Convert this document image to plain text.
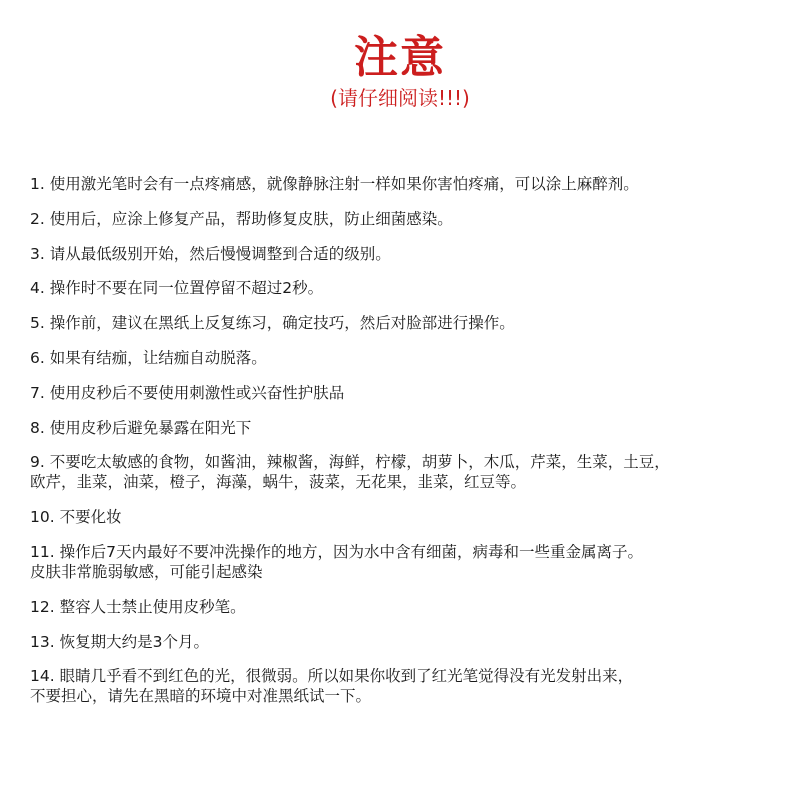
注意
(请仔细阅读!!!)
1. 使用激光笔时会有一点疼痛感，就像静脉注射一样如果你害怕疼痛，可以涂上麻醉剂。
2. 使用后，应涂上修复产品，帮助修复皮肤，防止细菌感染。
3. 请从最低级别开始，然后慢慢调整到合适的级别。
4. 操作时不要在同一位置停留不超过2秒。
5. 操作前，建议在黑纸上反复练习，确定技巧，然后对脸部进行操作。
6. 如果有结痂，让结痂自动脱落。
7. 使用皮秒后不要使用刺激性或兴奋性护肤品
8. 使用皮秒后避免暴露在阳光下
9. 不要吃太敏感的食物，如酱油，辣椒酱，海鲜，柠檬，胡萝卜，木瓜，芹菜，生菜，土豆，
欧芹，韭菜，油菜，橙子，海藻，蜗牛，菠菜，无花果，韭菜，红豆等。
10. 不要化妆
11. 操作后7天内最好不要冲洗操作的地方，因为水中含有细菌，病毒和一些重金属离子。
皮肤非常脆弱敏感，可能引起感染
12. 整容人士禁止使用皮秒笔。
13. 恢复期大约是3个月。
14. 眼睛几乎看不到红色的光，很微弱。所以如果你收到了红光笔觉得没有光发射出来，
不要担心，请先在黑暗的环境中对准黑纸试一下。
